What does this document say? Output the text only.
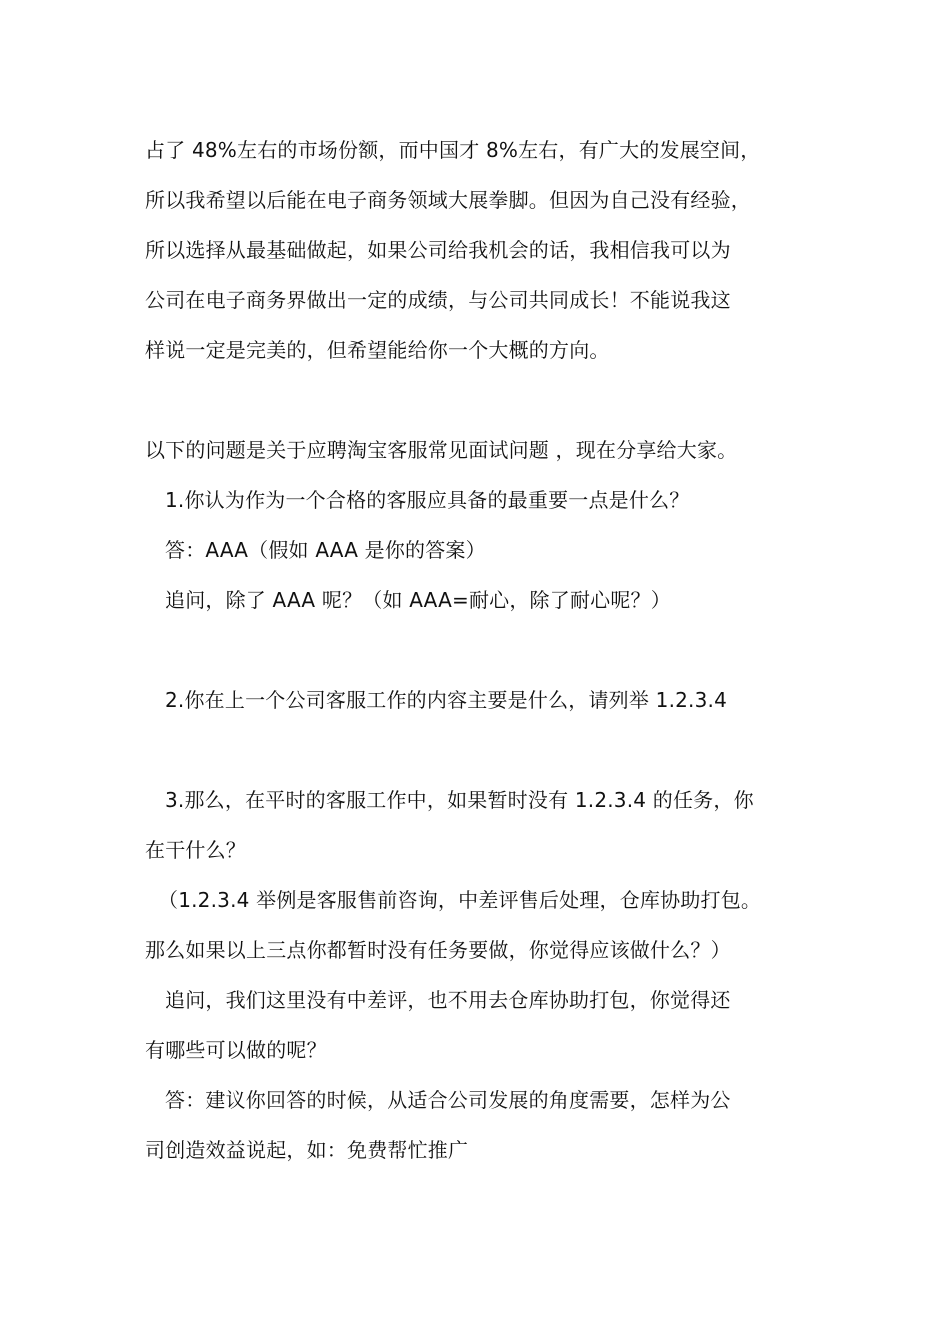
占了 48%左右的市场份额，而中国才 8%左右，有广大的发展空间，
所以我希望以后能在电子商务领域大展拳脚。但因为自己没有经验，
所以选择从最基础做起，如果公司给我机会的话，我相信我可以为
公司在电子商务界做出一定的成绩，与公司共同成长！不能说我这
样说一定是完美的，但希望能给你一个大概的方向。
以下的问题是关于应聘淘宝客服常见面试问题 ，现在分享给大家。
1.你认为作为一个合格的客服应具备的最重要一点是什么？
答：AAA（假如 AAA 是你的答案）
追问，除了 AAA 呢？（如 AAA=耐心，除了耐心呢？）
2.你在上一个公司客服工作的内容主要是什么，请列举 1.2.3.4
3.那么，在平时的客服工作中，如果暂时没有 1.2.3.4 的任务，你
在干什么？
（1.2.3.4 举例是客服售前咨询，中差评售后处理，仓库协助打包。
那么如果以上三点你都暂时没有任务要做，你觉得应该做什么？）
追问，我们这里没有中差评，也不用去仓库协助打包，你觉得还
有哪些可以做的呢？
答：建议你回答的时候，从适合公司发展的角度需要，怎样为公
司创造效益说起，如：免费帮忙推广
